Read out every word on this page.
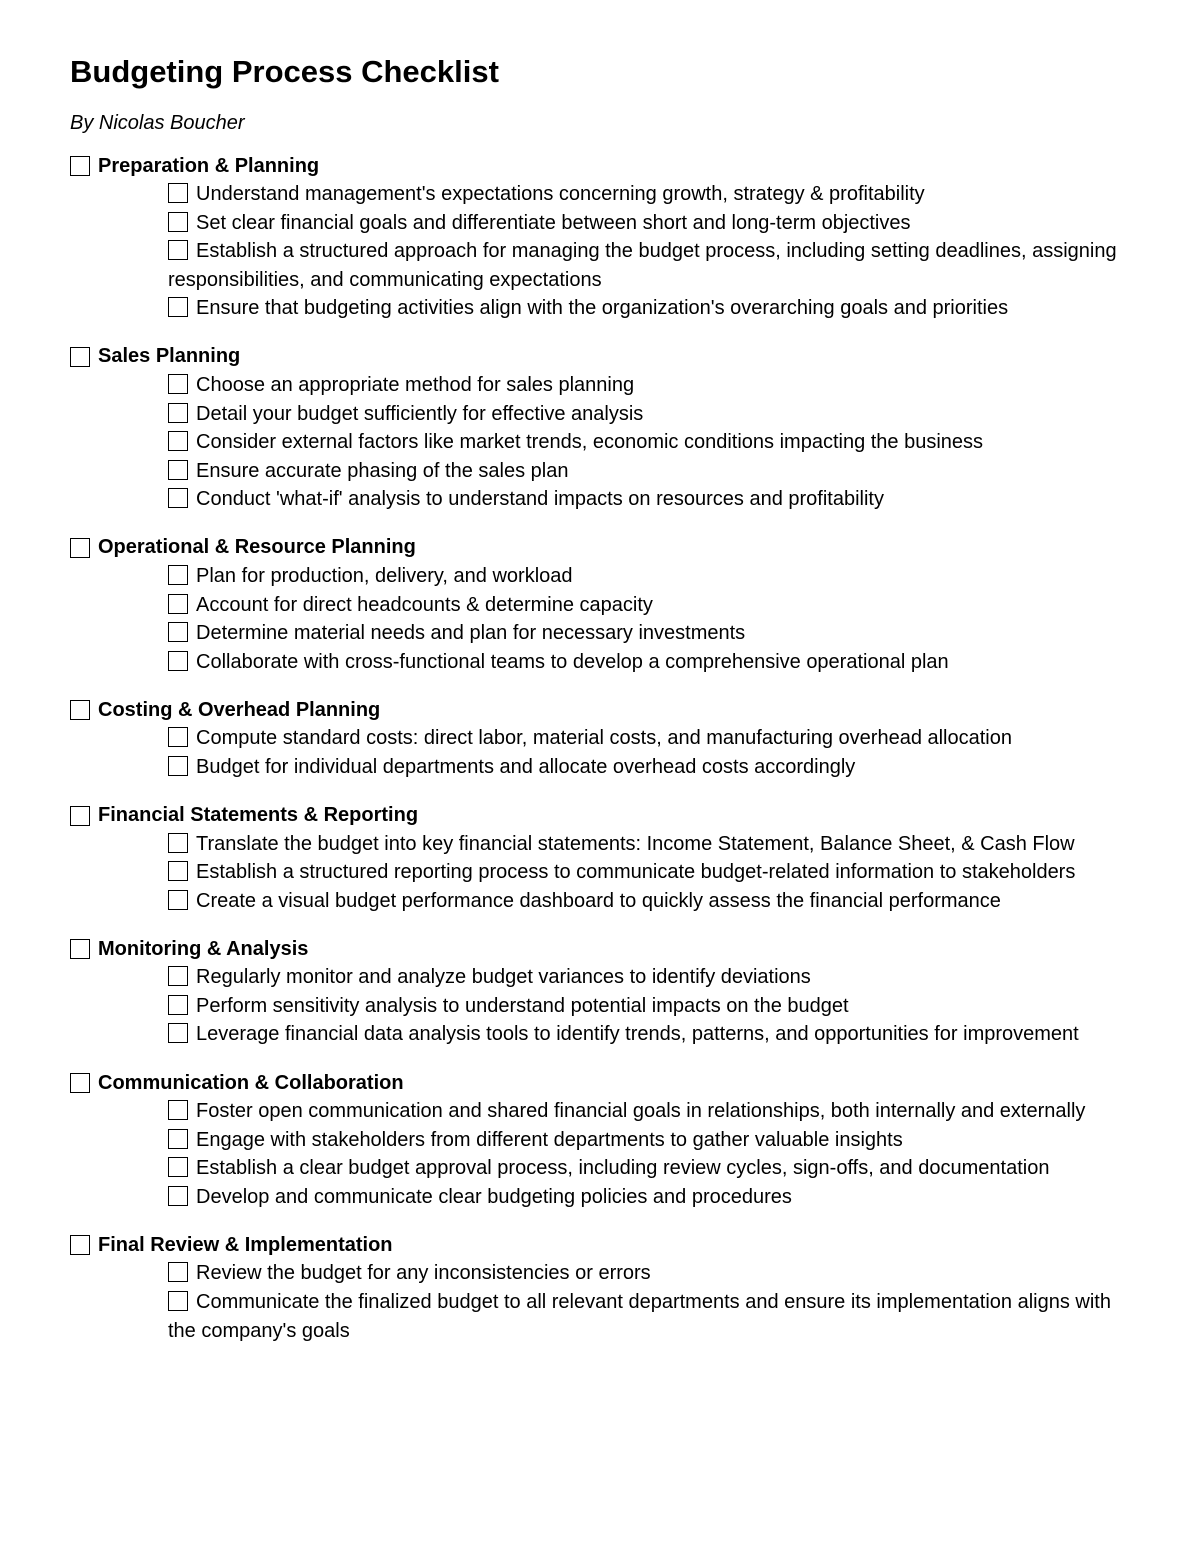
Budgeting Process Checklist

By Nicolas Boucher

Preparation & Planning
Understand management's expectations concerning growth, strategy & profitability
Set clear financial goals and differentiate between short and long-term objectives
Establish a structured approach for managing the budget process, including setting deadlines, assigning responsibilities, and communicating expectations
Ensure that budgeting activities align with the organization's overarching goals and priorities
Sales Planning
Choose an appropriate method for sales planning
Detail your budget sufficiently for effective analysis
Consider external factors like market trends, economic conditions impacting the business
Ensure accurate phasing of the sales plan
Conduct 'what-if' analysis to understand impacts on resources and profitability
Operational & Resource Planning
Plan for production, delivery, and workload
Account for direct headcounts & determine capacity
Determine material needs and plan for necessary investments
Collaborate with cross-functional teams to develop a comprehensive operational plan
Costing & Overhead Planning
Compute standard costs: direct labor, material costs, and manufacturing overhead allocation
Budget for individual departments and allocate overhead costs accordingly
Financial Statements & Reporting
Translate the budget into key financial statements: Income Statement, Balance Sheet, & Cash Flow
Establish a structured reporting process to communicate budget-related information to stakeholders
Create a visual budget performance dashboard to quickly assess the financial performance
Monitoring & Analysis
Regularly monitor and analyze budget variances to identify deviations
Perform sensitivity analysis to understand potential impacts on the budget
Leverage financial data analysis tools to identify trends, patterns, and opportunities for improvement
Communication & Collaboration
Foster open communication and shared financial goals in relationships, both internally and externally
Engage with stakeholders from different departments to gather valuable insights
Establish a clear budget approval process, including review cycles, sign-offs, and documentation
Develop and communicate clear budgeting policies and procedures
Final Review & Implementation
Review the budget for any inconsistencies or errors
Communicate the finalized budget to all relevant departments and ensure its implementation aligns with the company's goals
